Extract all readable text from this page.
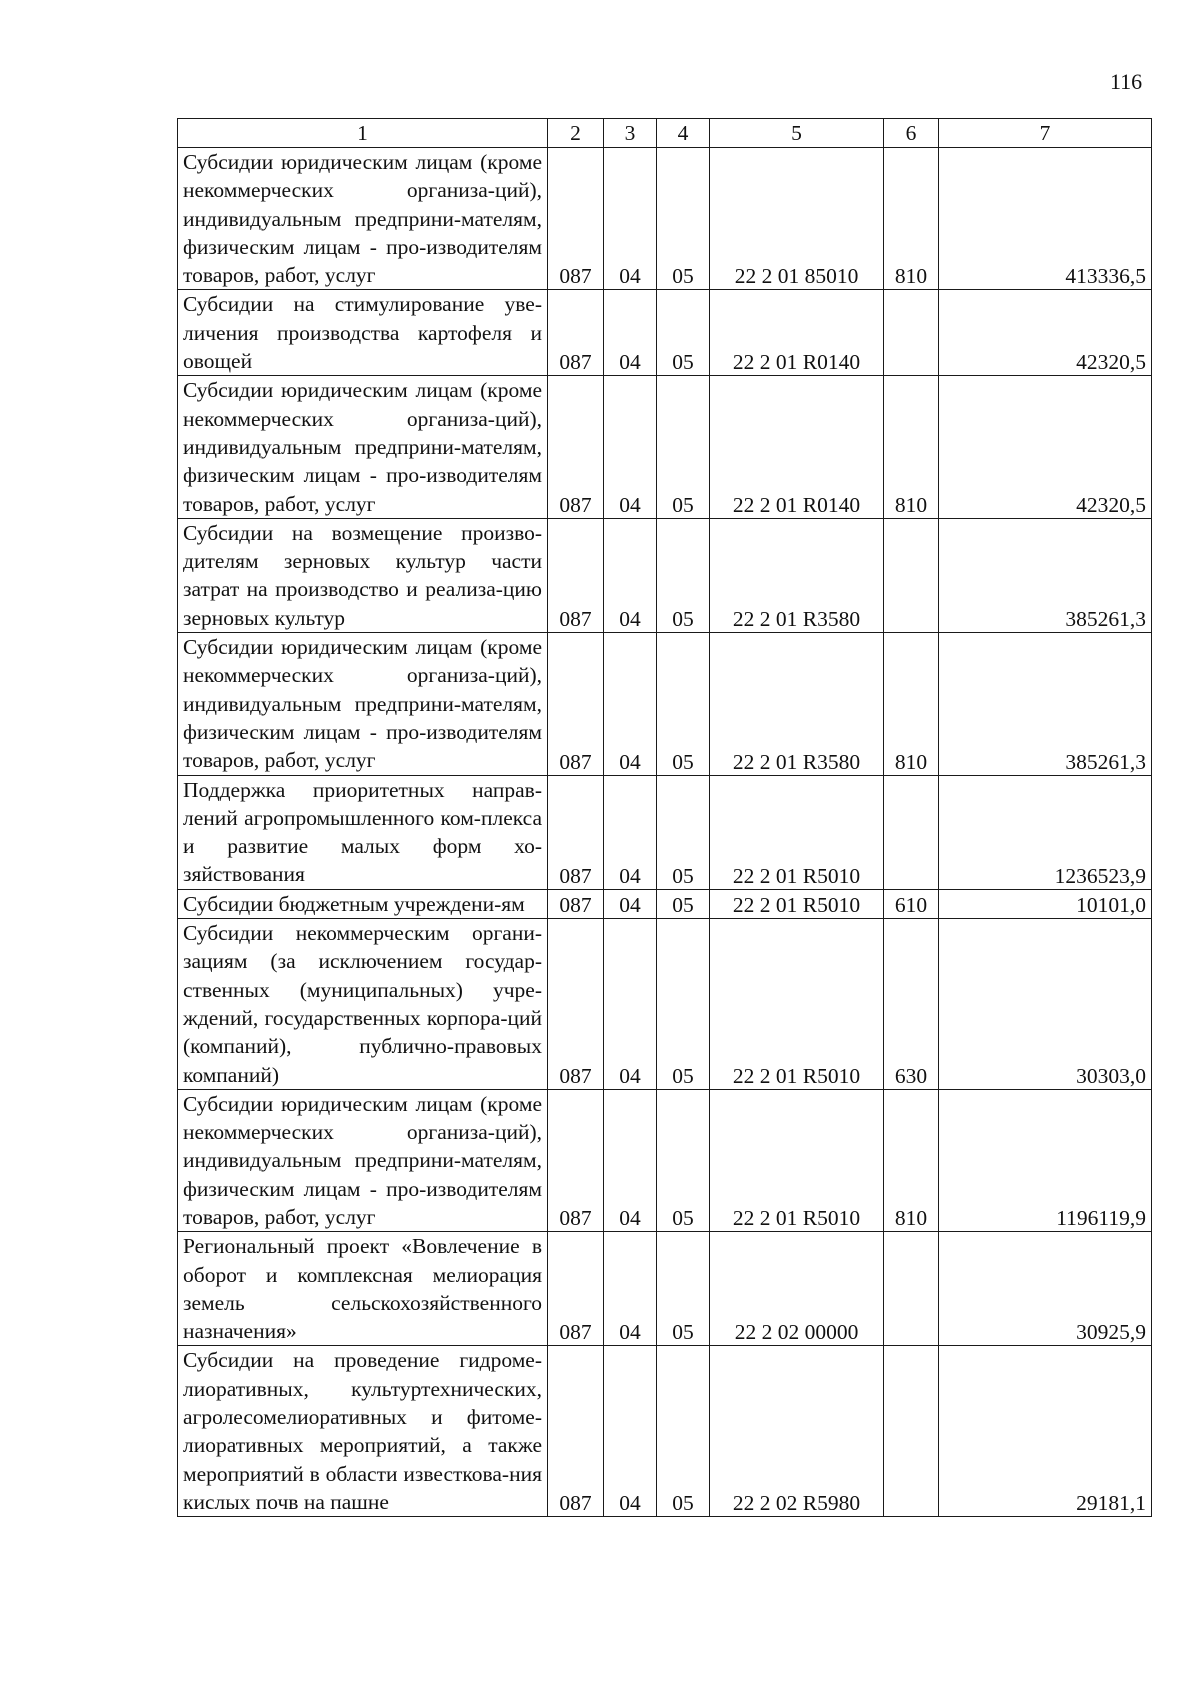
116
1	2	3	4	5	6	7
Субсидии юридическим лицам (кроме некоммерческих организа-ций), индивидуальным предприни-мателям, физическим лицам - про-изводителям товаров, работ, услуг	087	04	05	22 2 01 85010	810	413336,5
Субсидии на стимулирование уве-личения производства картофеля и овощей	087	04	05	22 2 01 R0140		42320,5
Субсидии юридическим лицам (кроме некоммерческих организа-ций), индивидуальным предприни-мателям, физическим лицам - про-изводителям товаров, работ, услуг	087	04	05	22 2 01 R0140	810	42320,5
Субсидии на возмещение произво-дителям зерновых культур части затрат на производство и реализа-цию зерновых культур	087	04	05	22 2 01 R3580		385261,3
Субсидии юридическим лицам (кроме некоммерческих организа-ций), индивидуальным предприни-мателям, физическим лицам - про-изводителям товаров, работ, услуг	087	04	05	22 2 01 R3580	810	385261,3
Поддержка приоритетных направ-лений агропромышленного ком-плекса и развитие малых форм хо-зяйствования	087	04	05	22 2 01 R5010		1236523,9
Субсидии бюджетным учреждени-ям	087	04	05	22 2 01 R5010	610	10101,0
Субсидии некоммерческим органи-зациям (за исключением государ-ственных (муниципальных) учре-ждений, государственных корпора-ций (компаний), публично-правовых компаний)	087	04	05	22 2 01 R5010	630	30303,0
Субсидии юридическим лицам (кроме некоммерческих организа-ций), индивидуальным предприни-мателям, физическим лицам - про-изводителям товаров, работ, услуг	087	04	05	22 2 01 R5010	810	1196119,9
Региональный проект «Вовлечение в оборот и комплексная мелиорация земель сельскохозяйственного назначения»	087	04	05	22 2 02 00000		30925,9
Субсидии на проведение гидроме-лиоративных, культуртехнических, агролесомелиоративных и фитоме-лиоративных мероприятий, а также мероприятий в области известкова-ния кислых почв на пашне	087	04	05	22 2 02 R5980		29181,1
